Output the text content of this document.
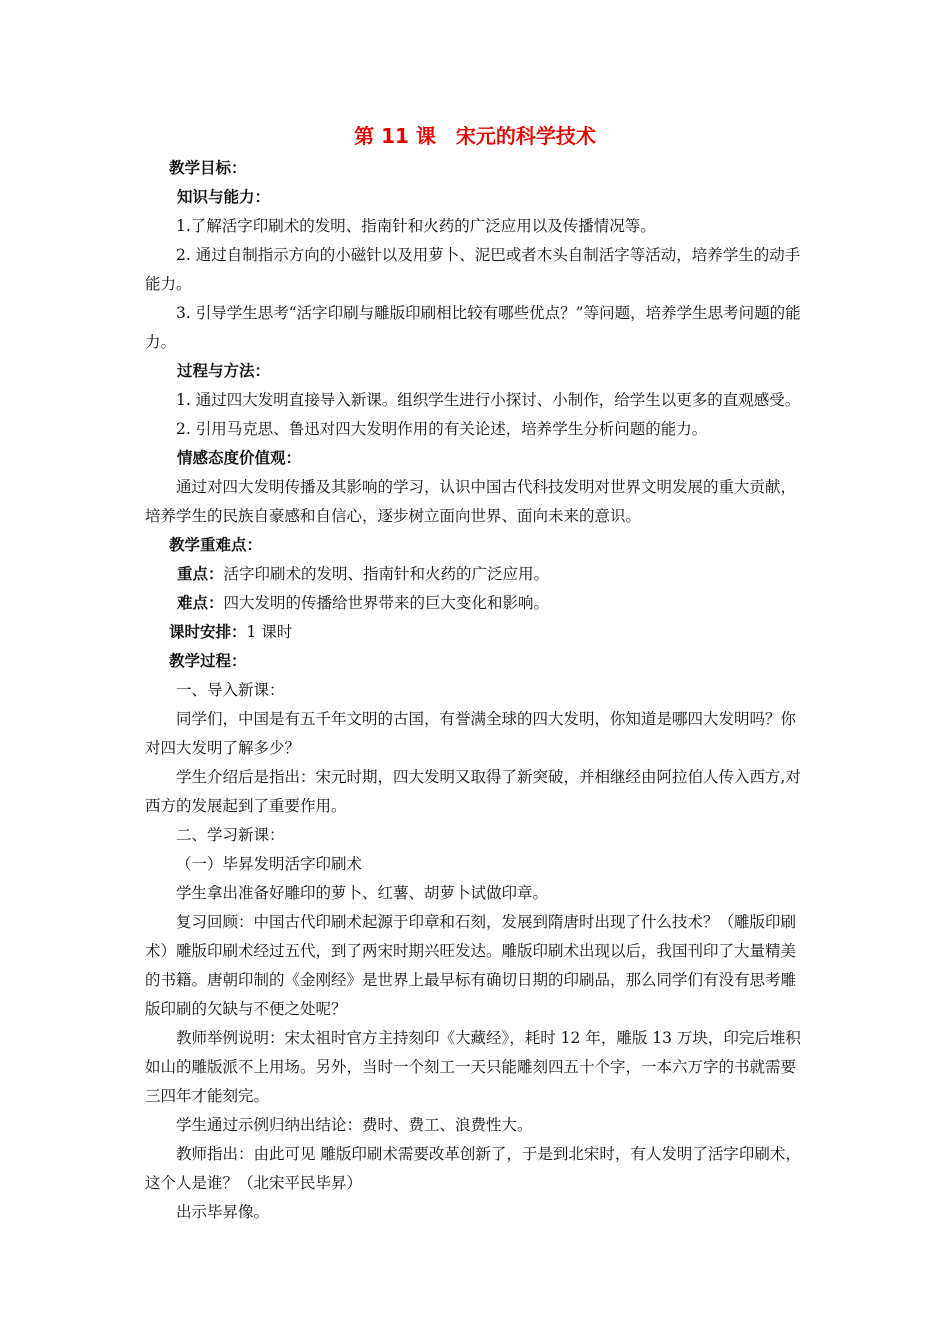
第 11 课　宋元的科学技术

教学目标：

知识与能力：

1.了解活字印刷术的发明、指南针和火药的广泛应用以及传播情况等。

2. 通过自制指示方向的小磁针以及用萝卜、泥巴或者木头自制活字等活动，培养学生的动手能力。

3. 引导学生思考“活字印刷与雕版印刷相比较有哪些优点？”等问题，培养学生思考问题的能力。

过程与方法：

1. 通过四大发明直接导入新课。组织学生进行小探讨、小制作，给学生以更多的直观感受。

2. 引用马克思、鲁迅对四大发明作用的有关论述，培养学生分析问题的能力。

情感态度价值观：

通过对四大发明传播及其影响的学习，认识中国古代科技发明对世界文明发展的重大贡献，培养学生的民族自豪感和自信心，逐步树立面向世界、面向未来的意识。

教学重难点：

重点：活字印刷术的发明、指南针和火药的广泛应用。

难点：四大发明的传播给世界带来的巨大变化和影响。

课时安排：1 课时

教学过程：

一、导入新课：

同学们，中国是有五千年文明的古国，有誉满全球的四大发明，你知道是哪四大发明吗？你对四大发明了解多少？

学生介绍后是指出：宋元时期，四大发明又取得了新突破，并相继经由阿拉伯人传入西方,对西方的发展起到了重要作用。

二、学习新课：

（一）毕昇发明活字印刷术

学生拿出准备好雕印的萝卜、红薯、胡萝卜试做印章。

复习回顾：中国古代印刷术起源于印章和石刻，发展到隋唐时出现了什么技术？（雕版印刷术）雕版印刷术经过五代，到了两宋时期兴旺发达。雕版印刷术出现以后，我国刊印了大量精美的书籍。唐朝印制的《金刚经》是世界上最早标有确切日期的印刷品，那么同学们有没有思考雕版印刷的欠缺与不便之处呢？

教师举例说明：宋太祖时官方主持刻印《大藏经》，耗时 12 年，雕版 13 万块，印完后堆积如山的雕版派不上用场。另外，当时一个刻工一天只能雕刻四五十个字，一本六万字的书就需要三四年才能刻完。

学生通过示例归纳出结论：费时、费工、浪费性大。

教师指出：由此可见 雕版印刷术需要改革创新了，于是到北宋时，有人发明了活字印刷术，这个人是谁？（北宋平民毕昇）

出示毕昇像。
